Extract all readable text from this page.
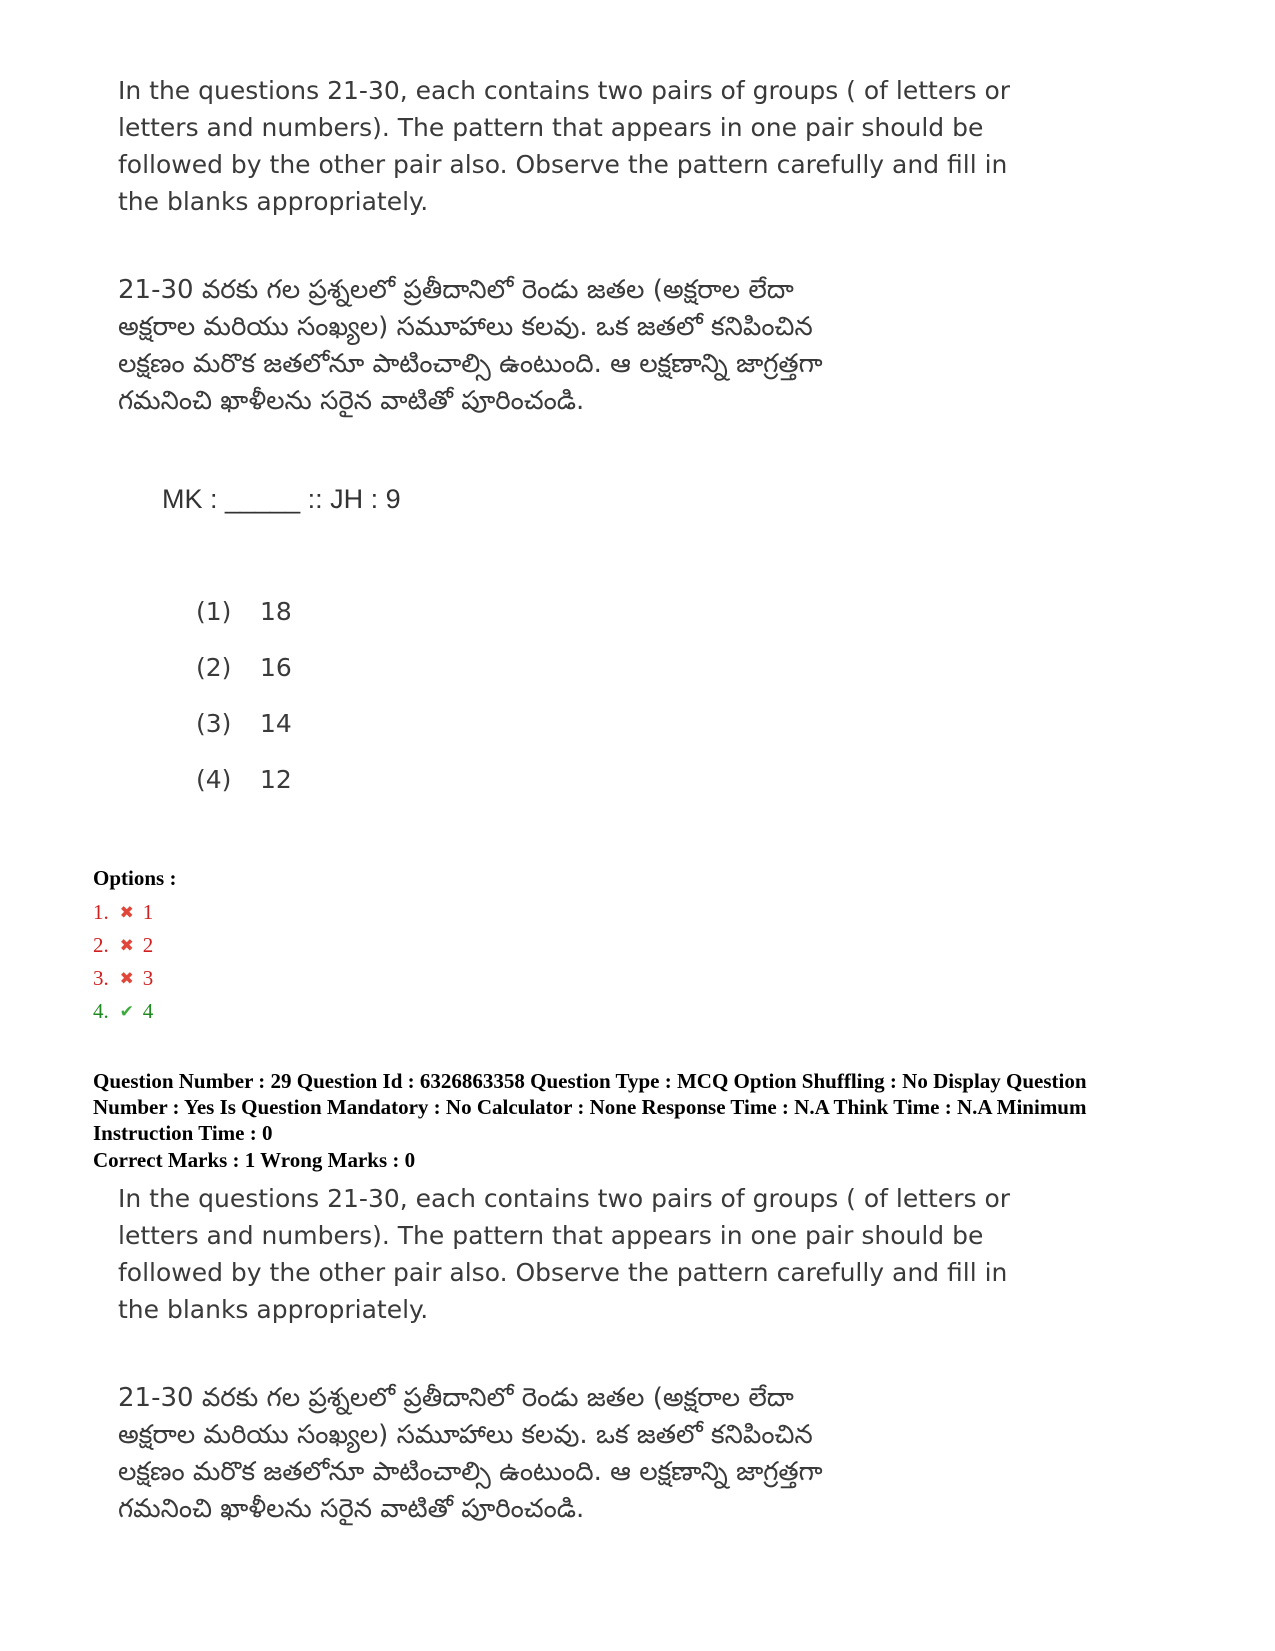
In the questions 21-30, each contains two pairs of groups ( of letters or
letters and numbers). The pattern that appears in one pair should be
followed by the other pair also. Observe the pattern carefully and fill in
the blanks appropriately.
21-30 వరకు గల ప్రశ్నలలో ప్రతీదానిలో రెండు జతల (అక్షరాల లేదా
అక్షరాల మరియు సంఖ్యల) సమూహాలు కలవు. ఒక జతలో కనిపించిన
లక్షణం మరొక జతలోనూ పాటించాల్సి ఉంటుంది. ఆ లక్షణాన్ని జాగ్రత్తగా
గమనించి ఖాళీలను సరైన వాటితో పూరించండి.
MK : _____ :: JH : 9
(1)	18
(2)	16
(3)	14
(4)	12
Options :
1. ✖ 1
2. ✖ 2
3. ✖ 3
4. ✔ 4
Question Number : 29 Question Id : 6326863358 Question Type : MCQ Option Shuffling : No Display Question
Number : Yes Is Question Mandatory : No Calculator : None Response Time : N.A Think Time : N.A Minimum
Instruction Time : 0
Correct Marks : 1 Wrong Marks : 0
In the questions 21-30, each contains two pairs of groups ( of letters or
letters and numbers). The pattern that appears in one pair should be
followed by the other pair also. Observe the pattern carefully and fill in
the blanks appropriately.
21-30 వరకు గల ప్రశ్నలలో ప్రతీదానిలో రెండు జతల (అక్షరాల లేదా
అక్షరాల మరియు సంఖ్యల) సమూహాలు కలవు. ఒక జతలో కనిపించిన
లక్షణం మరొక జతలోనూ పాటించాల్సి ఉంటుంది. ఆ లక్షణాన్ని జాగ్రత్తగా
గమనించి ఖాళీలను సరైన వాటితో పూరించండి.
